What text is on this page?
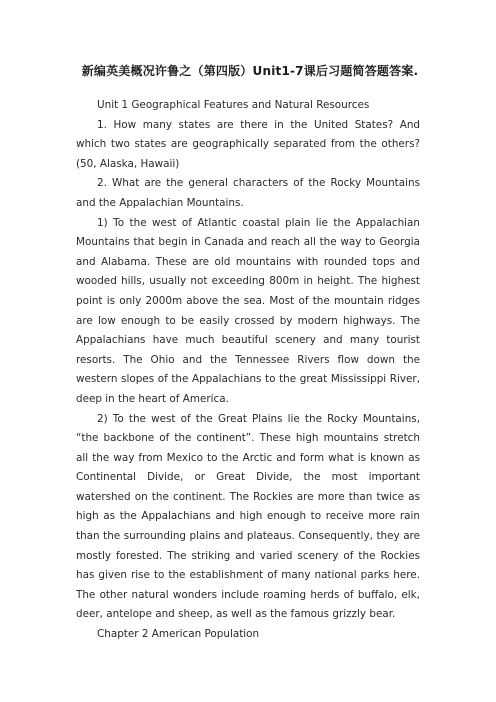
新编英美概况许鲁之（第四版）Unit1-7课后习题简答题答案.

Unit 1 Geographical Features and Natural Resources

1. How many states are there in the United States? And which two states are geographically separated from the others? (50, Alaska, Hawaii)

2. What are the general characters of the Rocky Mountains and the Appalachian Mountains.

1) To the west of Atlantic coastal plain lie the Appalachian Mountains that begin in Canada and reach all the way to Georgia and Alabama. These are old mountains with rounded tops and wooded hills, usually not exceeding 800m in height. The highest point is only 2000m above the sea. Most of the mountain ridges are low enough to be easily crossed by modern highways. The Appalachians have much beautiful scenery and many tourist resorts. The Ohio and the Tennessee Rivers flow down the western slopes of the Appalachians to the great Mississippi River, deep in the heart of America.

2) To the west of the Great Plains lie the Rocky Mountains, “the backbone of the continent”. These high mountains stretch all the way from Mexico to the Arctic and form what is known as Continental Divide, or Great Divide, the most important watershed on the continent. The Rockies are more than twice as high as the Appalachians and high enough to receive more rain than the surrounding plains and plateaus. Consequently, they are mostly forested. The striking and varied scenery of the Rockies has given rise to the establishment of many national parks here. The other natural wonders include roaming herds of buffalo, elk, deer, antelope and sheep, as well as the famous grizzly bear.

Chapter 2 American Population
